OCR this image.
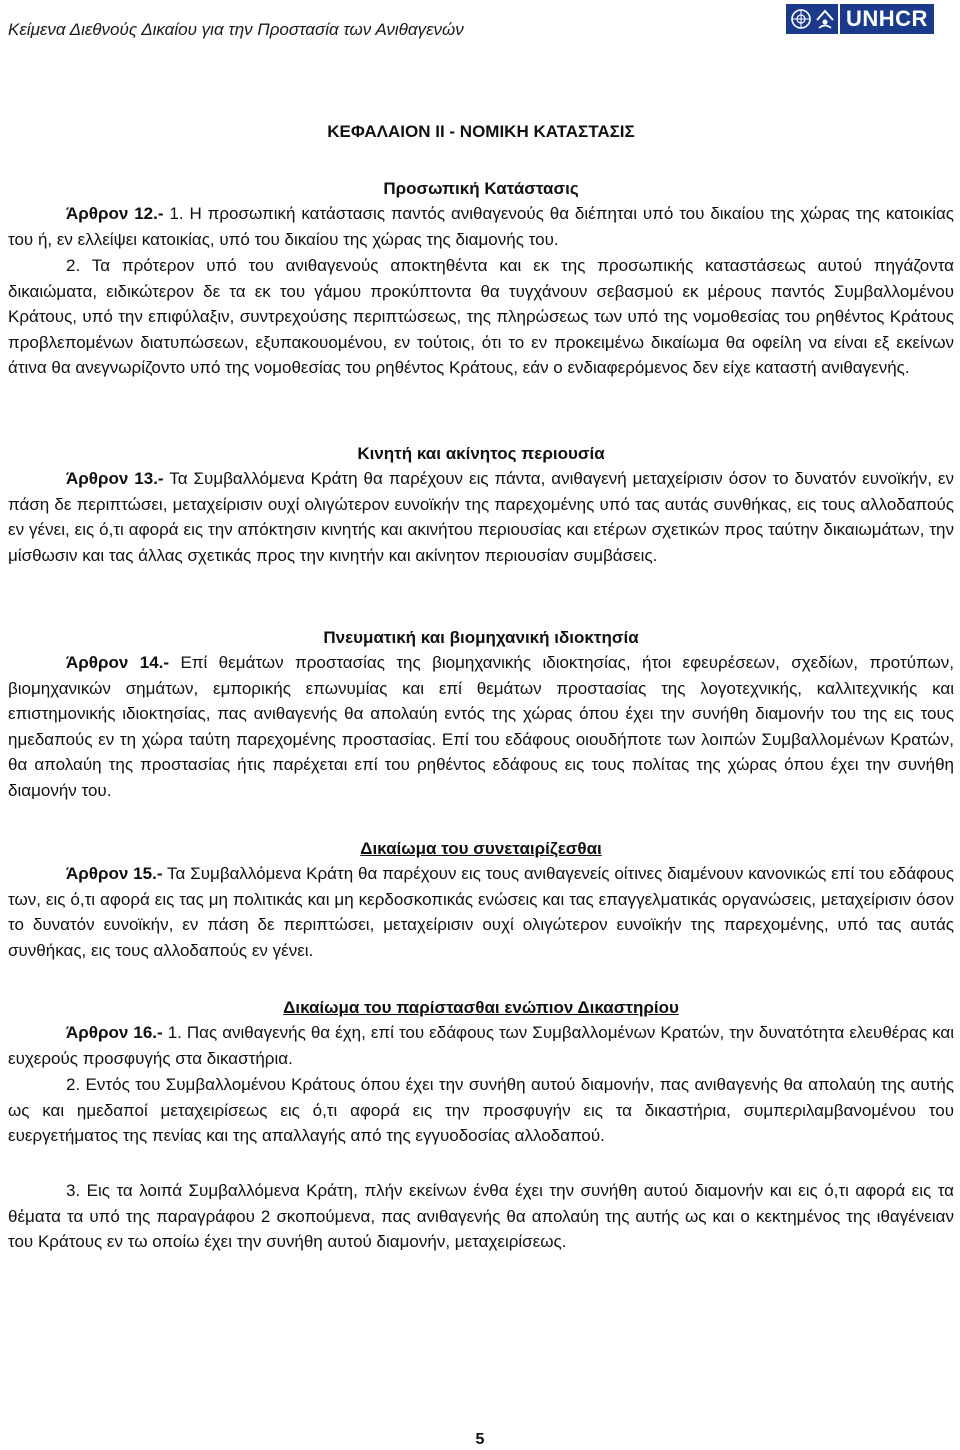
Κείμενα Διεθνούς Δικαίου για την Προστασία των Ανιθαγενών	UNHCR
ΚΕΦΑΛΑΙΟΝ II - ΝΟΜΙΚΗ ΚΑΤΑΣΤΑΣΙΣ
Προσωπική Κατάστασις
Άρθρον 12.- 1. Η προσωπική κατάστασις παντός ανιθαγενούς θα διέπηται υπό του δικαίου της χώρας της κατοικίας του ή, εν ελλείψει κατοικίας, υπό του δικαίου της χώρας της διαμονής του.
2. Τα πρότερον υπό του ανιθαγενούς αποκτηθέντα και εκ της προσωπικής καταστάσεως αυτού πηγάζοντα δικαιώματα, ειδικώτερον δε τα εκ του γάμου προκύπτοντα θα τυγχάνουν σεβασμού εκ μέρους παντός Συμβαλλομένου Κράτους, υπό την επιφύλαξιν, συντρεχούσης περιπτώσεως, της πληρώσεως των υπό της νομοθεσίας του ρηθέντος Κράτους προβλεπομένων διατυπώσεων, εξυπακουομένου, εν τούτοις, ότι το εν προκειμένω δικαίωμα θα οφείλη να είναι εξ εκείνων άτινα θα ανεγνωρίζοντο υπό της νομοθεσίας του ρηθέντος Κράτους, εάν ο ενδιαφερόμενος δεν είχε καταστή ανιθαγενής.
Κινητή και ακίνητος περιουσία
Άρθρον 13.- Τα Συμβαλλόμενα Κράτη θα παρέχουν εις πάντα, ανιθαγενή μεταχείρισιν όσον το δυνατόν ευνοϊκήν, εν πάση δε περιπτώσει, μεταχείρισιν ουχί ολιγώτερον ευνοϊκήν της παρεχομένης υπό τας αυτάς συνθήκας, εις τους αλλοδαπούς εν γένει, εις ό,τι αφορά εις την απόκτησιν κινητής και ακινήτου περιουσίας και ετέρων σχετικών προς ταύτην δικαιωμάτων, την μίσθωσιν και τας άλλας σχετικάς προς την κινητήν και ακίνητον περιουσίαν συμβάσεις.
Πνευματική και βιομηχανική ιδιοκτησία
Άρθρον 14.- Επί θεμάτων προστασίας της βιομηχανικής ιδιοκτησίας, ήτοι εφευρέσεων, σχεδίων, προτύπων, βιομηχανικών σημάτων, εμπορικής επωνυμίας και επί θεμάτων προστασίας της λογοτεχνικής, καλλιτεχνικής και επιστημονικής ιδιοκτησίας, πας ανιθαγενής θα απολαύη εντός της χώρας όπου έχει την συνήθη διαμονήν του της εις τους ημεδαπούς εν τη χώρα ταύτη παρεχομένης προστασίας. Επί του εδάφους οιουδήποτε των λοιπών Συμβαλλομένων Κρατών, θα απολαύη της προστασίας ήτις παρέχεται επί του ρηθέντος εδάφους εις τους πολίτας της χώρας όπου έχει την συνήθη διαμονήν του.
Δικαίωμα του συνεταιρίζεσθαι
Άρθρον 15.- Τα Συμβαλλόμενα Κράτη θα παρέχουν εις τους ανιθαγενείς οίτινες διαμένουν κανονικώς επί του εδάφους των, εις ό,τι αφορά εις τας μη πολιτικάς και μη κερδοσκοπικάς ενώσεις και τας επαγγελματικάς οργανώσεις, μεταχείρισιν όσον το δυνατόν ευνοϊκήν, εν πάση δε περιπτώσει, μεταχείρισιν ουχί ολιγώτερον ευνοϊκήν της παρεχομένης, υπό τας αυτάς συνθήκας, εις τους αλλοδαπούς εν γένει.
Δικαίωμα του παρίστασθαι ενώπιον Δικαστηρίου
Άρθρον 16.- 1. Πας ανιθαγενής θα έχη, επί του εδάφους των Συμβαλλομένων Κρατών, την δυνατότητα ελευθέρας και ευχερούς προσφυγής στα δικαστήρια.
2. Εντός του Συμβαλλομένου Κράτους όπου έχει την συνήθη αυτού διαμονήν, πας ανιθαγενής θα απολαύη της αυτής ως και ημεδαποί μεταχειρίσεως εις ό,τι αφορά εις την προσφυγήν εις τα δικαστήρια, συμπεριλαμβανομένου του ευεργετήματος της πενίας και της απαλλαγής από της εγγυοδοσίας αλλοδαπού.
3. Εις τα λοιπά Συμβαλλόμενα Κράτη, πλήν εκείνων ένθα έχει την συνήθη αυτού διαμονήν και εις ό,τι αφορά εις τα θέματα τα υπό της παραγράφου 2 σκοπούμενα, πας ανιθαγενής θα απολαύη της αυτής ως και ο κεκτημένος της ιθαγένειαν του Κράτους εν τω οποίω έχει την συνήθη αυτού διαμονήν, μεταχειρίσεως.
5
